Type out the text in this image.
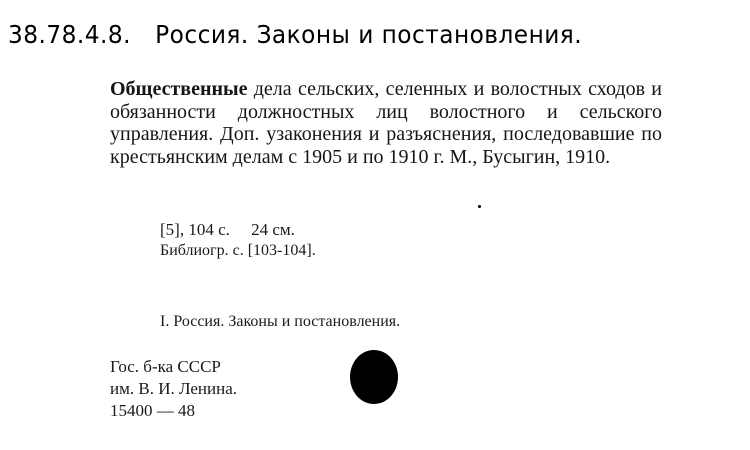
38.78.4.8. Россия. Законы и постановления.
Общественные дела сельских, селенных и волостных сходов и обязанности должностных лиц волостного и сельского управления. Доп. узаконения и разъяснения, последовавшие по крестьянским делам с 1905 и по 1910 г. М., Бусыгин, 1910.
[5], 104 с.     24 см.
Библиогр. с. [103-104].
I. Россия. Законы и постановления.
Гос. б-ка СССР
им. В. И. Ленина.
15400 — 48
